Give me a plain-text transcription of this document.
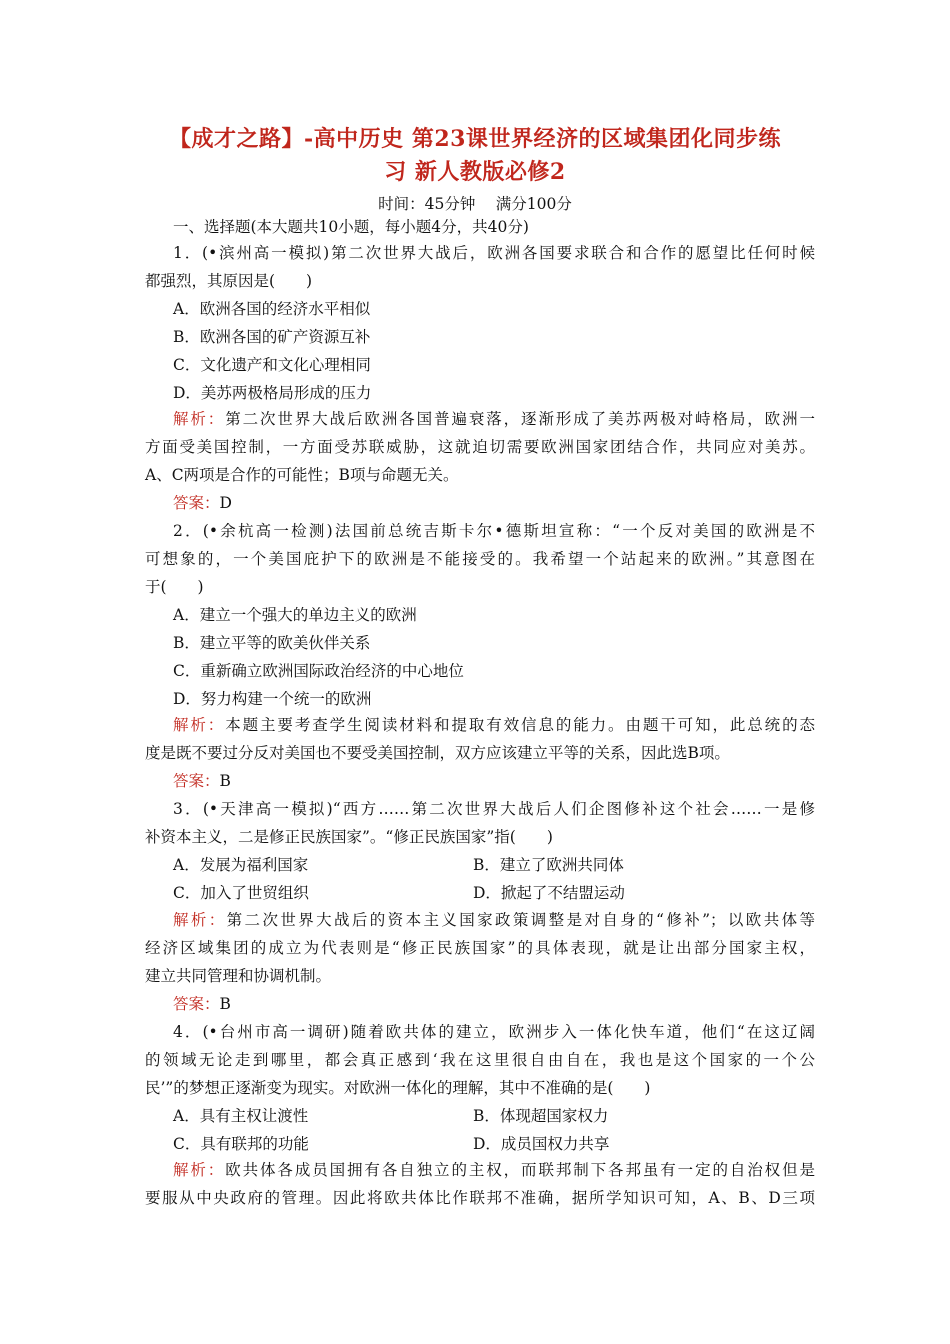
【成才之路】-高中历史 第23课世界经济的区域集团化同步练
习 新人教版必修2
时间：45分钟　 满分100分
一、选择题(本大题共10小题，每小题4分，共40分)
1．(•滨州高一模拟)第二次世界大战后，欧洲各国要求联合和合作的愿望比任何时候
都强烈，其原因是(　　)
A．欧洲各国的经济水平相似
B．欧洲各国的矿产资源互补
C．文化遗产和文化心理相同
D．美苏两极格局形成的压力
解析：第二次世界大战后欧洲各国普遍衰落，逐渐形成了美苏两极对峙格局，欧洲一
方面受美国控制，一方面受苏联威胁，这就迫切需要欧洲国家团结合作，共同应对美苏。
A、C两项是合作的可能性；B项与命题无关。
答案：D
2．(•余杭高一检测)法国前总统吉斯卡尔•德斯坦宣称：“一个反对美国的欧洲是不
可想象的，一个美国庇护下的欧洲是不能接受的。我希望一个站起来的欧洲。”其意图在
于(　　)
A．建立一个强大的单边主义的欧洲
B．建立平等的欧美伙伴关系
C．重新确立欧洲国际政治经济的中心地位
D．努力构建一个统一的欧洲
解析：本题主要考查学生阅读材料和提取有效信息的能力。由题干可知，此总统的态
度是既不要过分反对美国也不要受美国控制，双方应该建立平等的关系，因此选B项。
答案：B
3．(•天津高一模拟)“西方……第二次世界大战后人们企图修补这个社会……一是修
补资本主义，二是修正民族国家”。“修正民族国家”指(　　)
A．发展为福利国家	B．建立了欧洲共同体
C．加入了世贸组织	D．掀起了不结盟运动
解析：第二次世界大战后的资本主义国家政策调整是对自身的“修补”；以欧共体等
经济区域集团的成立为代表则是“修正民族国家”的具体表现，就是让出部分国家主权，
建立共同管理和协调机制。
答案：B
4．(•台州市高一调研)随着欧共体的建立，欧洲步入一体化快车道，他们“在这辽阔
的领域无论走到哪里，都会真正感到‘我在这里很自由自在，我也是这个国家的一个公
民’”的梦想正逐渐变为现实。对欧洲一体化的理解，其中不准确的是(　　)
A．具有主权让渡性	B．体现超国家权力
C．具有联邦的功能	D．成员国权力共享
解析：欧共体各成员国拥有各自独立的主权，而联邦制下各邦虽有一定的自治权但是
要服从中央政府的管理。因此将欧共体比作联邦不准确，据所学知识可知，A、B、D三项
